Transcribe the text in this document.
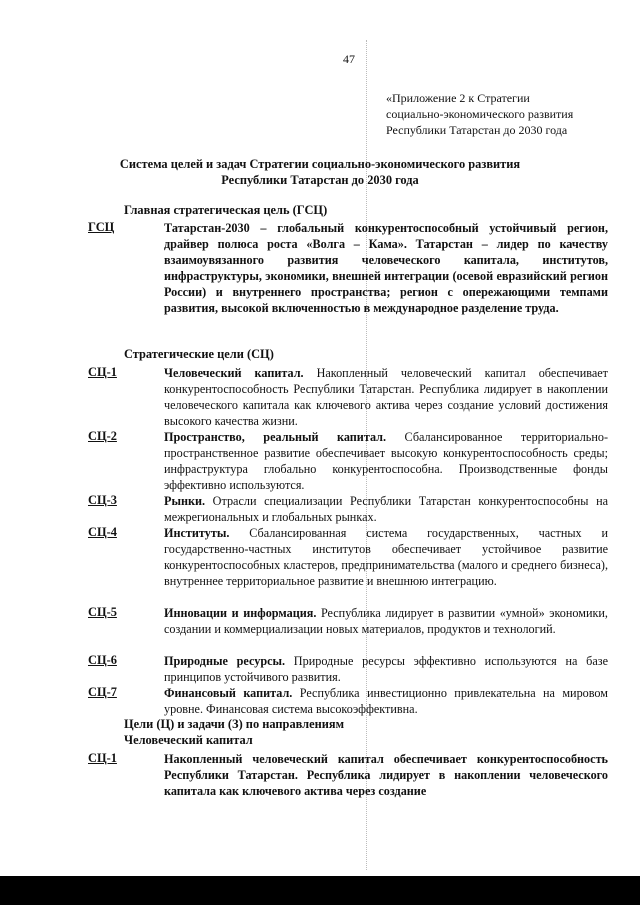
47
«Приложение 2 к Стратегии
социально-экономического развития
Республики Татарстан до 2030 года
Система целей и задач Стратегии социально-экономического развития
Республики Татарстан до 2030 года
Главная стратегическая цель (ГСЦ)
ГСЦ	Татарстан-2030 – глобальный конкурентоспособный устойчивый регион, драйвер полюса роста «Волга – Кама». Татарстан – лидер по качеству взаимоувязанного развития человеческого капитала, институтов, инфраструктуры, экономики, внешней интеграции (осевой евразийский регион России) и внутреннего пространства; регион с опережающими темпами развития, высокой включенностью в международное разделение труда.
Стратегические цели (СЦ)
СЦ-1	Человеческий капитал. Накопленный человеческий капитал обеспечивает конкурентоспособность Республики Татарстан. Республика лидирует в накоплении человеческого капитала как ключевого актива через создание условий достижения высокого качества жизни.
СЦ-2	Пространство, реальный капитал. Сбалансированное территориально-пространственное развитие обеспечивает высокую конкурентоспособность среды; инфраструктура глобально конкурентоспособна. Производственные фонды эффективно используются.
СЦ-3	Рынки. Отрасли специализации Республики Татарстан конкурентоспособны на межрегиональных и глобальных рынках.
СЦ-4	Институты. Сбалансированная система государственных, частных и государственно-частных институтов обеспечивает устойчивое развитие конкурентоспособных кластеров, предпринимательства (малого и среднего бизнеса), внутреннее территориальное развитие и внешнюю интеграцию.
СЦ-5	Инновации и информация. Республика лидирует в развитии «умной» экономики, создании и коммерциализации новых материалов, продуктов и технологий.
СЦ-6	Природные ресурсы. Природные ресурсы эффективно используются на базе принципов устойчивого развития.
СЦ-7	Финансовый капитал. Республика инвестиционно привлекательна на мировом уровне. Финансовая система высокоэффективна.
Цели (Ц) и задачи (З) по направлениям
Человеческий капитал
СЦ-1	Накопленный человеческий капитал обеспечивает конкурентоспособность Республики Татарстан. Республика лидирует в накоплении человеческого капитала как ключевого актива через создание
